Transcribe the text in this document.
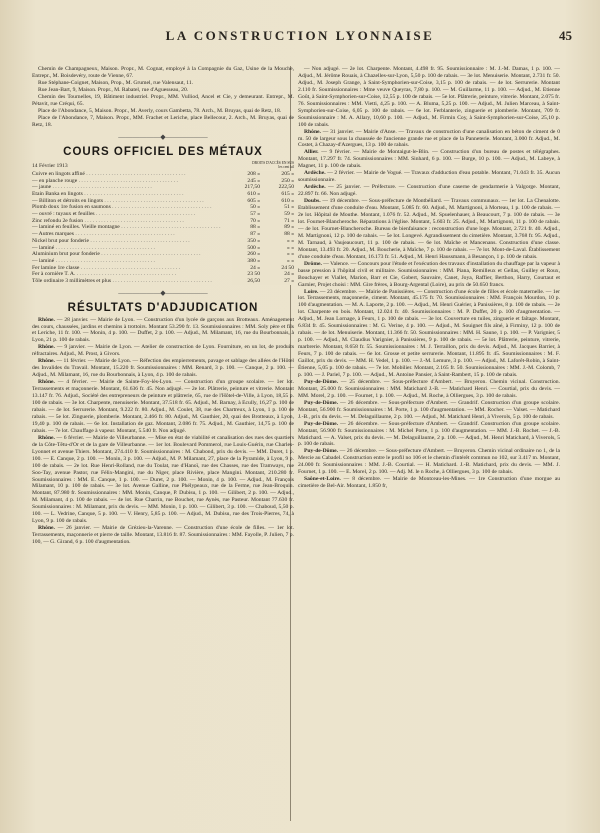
LA CONSTRUCTION LYONNAISE	45

Chemin de Champagneux, Maison. Propr., M. Cognat, employé à la Compagnie du Gaz, Usine de la Mouche, Entrepr., M. Boisdevéry, route de Vienne, 67.
Rue Stéphane-Coignet, Maison, Prop., M. Grumel, rue Valensaut, 11.
Rue Jean-Bart, 9, Maison. Propr., M. Rabatel, rue d'Aguesseau, 20.
Chemin des Tournelles, 19, Bâtiment industriel. Propr., MM. Vulliod, Ancel et Cie, y demeurant. Entrepr., M. Pétavit, rue Créqui, 65.
Place de l'Abondance, 5, Maison. Propr., M. Averly, cours Gambetta, 78. Arch., M. Bruyas, quai de Retz, 18.
Place de l'Abondance, 7, Maison. Propr., MM. Frachet et Leriche, place Bellecour, 2. Arch., M. Bruyas, quai de Retz, 18.

——————◆——————
COURS OFFICIEL DES MÉTAUX
14 Février 1913
DROITS D'ACCÈS EN SUS
les cent kil
Cuivre en lingots affiné . . .	208 »	205 »
— en planche rouge . . .	245 »	250 »
— jaune . . .	217,50	222,50
Etain Banka en lingots . . .	610 »	615 »
— Billiton et détroits en lingots . . .	605 »	610 »
Plomb doux 1re fusion en saumons . . .	50 »	51 »
— ouvré : tuyaux et feuilles . . .	57 »	59 »
Zinc refondu 2e fusion . . .	70 »	71 »
— laminé en feuilles. Vieille montagne . . .	88 »	89 »
— Autres marques . . .	87 »	88 »
Nickel brut pour fonderie . . .	350 »	» »
— laminé . . .	500 »	» »
Aluminium brut pour fonderie . . .	260 »	» »
— laminé . . .	380 »	» »
Fer lamine 1re classe . . .	24 »	24 50
Fer à cornière T. A. . . .	23 50	24 »
Tôle ordinaire 3 millimètres et plus . . .	26,50	27 »
——————◆——————
RÉSULTATS D'ADJUDICATION

Rhône. — 28 janvier. — Mairie de Lyon. — Construction d'un lycée de garçons aux Brotteaux. Aménagement des cours, chaussées, jardins et chemins à trottoirs. Montant 53.290 fr. 13. Soumissionnaires : MM. Soly père et fils et Leriche, 11 fr. 100. — Monin, 4 p. 100. — Duffet, 2 p. 100. — Adjud., M. Milamant, 16, rue du Bourbonnais, à Lyon, 21 p. 100 de rabais.

Rhône. — 9 janvier. — Mairie de Lyon. — Atelier de construction de Lyon. Fourniture, en un lot, de produits réfractaires. Adjud., M. Prost, à Givors.

Rhône. — 11 février. — Mairie de Lyon. — Réfection des empierrements, pavage et sablage des allées de l'Hôtel des Invalides du Travail. Montant, 15.220 fr. Soumissionnaires : MM. Renard, 3 p. 100. — Canque, 2 p. 100. — Adjud., M. Milamant, 16, rue du Bourbonnais, à Lyon, 4 p. 100 de rabais.

Rhône. — 4 février. — Mairie de Sainte-Foy-lès-Lyon. — Construction d'un groupe scolaire. — 1er lot. Terrassements et maçonnerie. Montant, 61.636 fr. 45. Non adjugé. — 2e lot. Plâtrerie, peinture et vitrerie. Montant 13.147 fr. 76. Adjud., Société des entrepreneurs de peinture et plâtrerie, 65, rue de l'Hôtel-de-Ville, à Lyon, 18,55 p. 100 de rabais. — 3e lot. Charpente, menuiserie. Montant, 37.518 fr. 65. Adjud., M. Barnay, à Ecully, 16,27 p. 100 de rabais. — 4e lot. Serrurerie. Montant, 9.222 fr. 80. Adjud., M. Coulet, 38, rue des Chartreux, à Lyon, 1 p. 100 de rabais. — 5e lot. Zinguerie, plomberie. Montant, 2.466 fr. 80. Adjud., M. Gauthier, 20, quai des Brotteaux, à Lyon, 19,40 p. 100 de rabais. — 6e lot. Installation de gaz. Montant, 2.086 fr. 75. Adjud., M. Gauthier, 14,75 p. 100 de rabais. — 7e lot. Chauffage à vapeur. Montant, 5.540 fr. Non adjugé.

Rhône. — 6 février. — Mairie de Villeurbanne. — Mise en état de viabilité et canalisation des rues des quartiers de la Côte-Têtu-d'Or et de la gare de Villeurbanne. — 1er lot. Boulevard Pommerol, rue Louis-Guérin, rue Charles-Lyonnet et avenue Thiers. Montant, 274.410 fr. Soumissionnaires : M. Chabond, prix du devis. — MM. Duret, 1 p. 100. — E. Canque, 2 p. 100. — Monin, 3 p. 100. — Adjud., M. P. Milamant, 27, place de la Pyramide, à Lyon, 9 p. 100 de rabais. — 2e lot. Rue Henri-Rolland, rue du Toulat, rue d'Hanoï, rue des Chasses, rue des Tramways, rue Soo-Tay, avenue Pastor, rue Félix-Mangini, rue du Niger, place Rivière, place Mangini. Montant, 210.280 fr. Soumissionnaires : MM. E. Canque, 1 p. 100. — Duret, 2 p. 100. — Monin, 4 p. 100. — Adjud., M. François Milamant, 10 p. 100 de rabais. — 3e lot. Avenue Galline, rue Phélypeaux, rue de la Ferme, rue Jean-Broquin. Montant, 87.980 fr. Soumissionnaires : MM. Monin, Canque, P. Dubisu, 1 p. 100. — Gilibert, 2 p. 100. — Adjud., M. Milamant, 4 p. 100 de rabais. — 4e lot. Rue Charrin, rue Bouchet, rue Aynès, rue Pasteur. Montant 77.630 fr. Soumissionnaires : M. Milamant, prix du devis. — MM. Monin, 1 p. 100. — Gilibert, 3 p. 100. — Chaboud, 5,50 p. 100. — L. Vedrine, Canque, 5 p. 100. — V. Henry, 5,85 p. 100. — Adjud., M. Dubisu, rue des Trois-Pierres, 74, à Lyon, 9 p. 100 de rabais.

Rhône. — 26 janvier. — Mairie de Grézieu-la-Varenne. — Construction d'une école de filles. — 1er lot. Terrassements, maçonnerie et pierre de taille. Montant, 13.816 fr. 87. Soumissionnaires : MM. Fayolle, P. Julien, 7 p. 100, — G. Girand, 6 p. 100 d'augmentation.

— Non adjugé. — 2e lot. Charpente. Montant, 4.498 fr. 95. Soumissionnaire : M. J.-M. Damas, 1 p. 100. — Adjud., M. Jérôme Rouais, à Chazelles-sur-Lyon, 5,50 p. 100 de rabais. — 3e lot. Menuiserie. Montant, 2.731 fr. 50. Adjud., M. Joseph Grange, à Saint-Symphorien-sur-Coise, 3,15 p. 100 de rabais. — 4e lot. Serrurerie. Montant 2.110 fr. Soumissionnaires : Mme veuve Queyras, 7,80 p. 100. — M. Guillarme, 11 p. 100. — Adjud., M. Etienne Goût, à Saint-Symphorien-sur-Coise, 12,55 p. 100 de rabais. — 5e lot. Plâtrerie, peinture, vitrerie. Montant, 2.075 fr. 76. Soumissionnaires : MM. Vietti, 4,25 p. 100. — A. Bluma, 5,25 p. 100. — Adjud., M. Julien Marceau, à Saint-Symphorien-sur-Coise, 6,05 p. 100 de rabais. — 6e lot. Ferblanterie, zinguerie et plomberie. Montant, 709 fr. Soumissionnaire : M. A. Allary, 10,60 p. 100. — Adjud., M. Firmin Coy, à Saint-Symphorien-sur-Coise, 25,10 p. 100 de rabais.

Rhône. — 31 janvier. — Mairie d'Anse. — Travaux de construction d'une canalisation en béton de ciment de 0 m. 50 de largeur sous la chaussée de l'ancienne grande rue et place de la Panneterie. Montant, 3.000 fr. Adjud., M. Costet, à Chazay-d'Azergues, 13 p. 100 de rabais.

Allier. — 9 février. — Mairie de Montaigut-le-Blin. — Construction d'un bureau de postes et télégraphes. Montant, 17.297 fr. 74. Soumissionnaires : MM. Sinhard, 6 p. 100. — Burge, 10 p. 100. — Adjud., M. Labeye, à Magnet, 11 p. 100 de rabais.

Ardèche. — 2 février. — Mairie de Vogué. — Travaux d'adduction d'eau potable. Montant, 71.043 fr. 35. Aucun soumissionnaire.

Ardèche. — 25 janvier. — Préfecture. — Construction d'une caserne de gendarmerie à Valgorge. Montant, 22.897 fr. 66. Non adjugé.

Doubs. — 19 décembre. — Sous-préfecture de Montbéliard. — Travaux communaux. — 1er lot. La Chenalotte. Etablissement d'une conduite d'eau. Montant, 5.085 fr. 60. Adjud., M. Martignoni, à Morteau, 1 p. 100 de rabais. — 2e lot. Hôpital de Mouthe. Montant, 1.076 fr. 52. Adjud., M. Spuelenhauer, à Beaucourt, 7 p. 100 de rabais. — 3e lot. Fournet-Blancheroche. Réparations à l'église. Montant, 5.603 fr. 25. Adjud., M. Martignoni, 11 p. 100 de rabais. — 4e lot. Fournet-Blancheroche. Bureau de bienfaisance : reconstruction d'une loge. Montant, 2.721 fr. 40. Adjud., M. Martignoni, 12 p. 100 de rabais. — 5e lot. Longevé. Agrandissement du cimetière. Montant, 3.768 fr. 95. Adjud., M. Tarnaud, à Vaujeaucourt, 11 p. 100 de rabais. — 6e lot. Maîche et Mancenans. Construction d'une classe. Montant, 13.493 fr. 20. Adjud., M. Boucherie, à Maîche, 7 p. 100 de rabais. — 7e lot. Mont-de-Laval. Établissement d'une conduite d'eau. Montant, 16.173 fr. 51. Adjud., M. Henri Haussmann, à Besançon, 1 p. 100 de rabais.

Drôme. — Valence. — Concours pour l'étude et l'exécution des travaux d'installation du chauffage par la vapeur à basse pression à l'hôpital civil et militaire. Soumissionnaires : MM. Piana, Remilleux et Gellas, Guilley et Roux, Bouchayer et Viallet, Marion, Barr et Cie, Gobert, Sauvaire, Canet, Joya, Raffier, Berthon, Harry, Courtaut et Garnier, Projet choisi : MM. Gire frères, à Bourg-Argental (Loire), au prix de 50.650 francs.

Loire. — 23 décembre. — Mairie de Panissières. — Construction d'une école de filles et école maternelle. — 1er lot. Terrassements, maçonnerie, ciment. Montant, 45.175 fr. 70. Soumissionnaires : MM. François Mourdon, 10 p. 100 d'augmentation. — M. A. Laporte, 2 p. 100. — Adjud., M. Henri Guérier, à Panissières, 8 p. 100 de rabais. — 2e lot. Charpente en bois. Montant, 12.024 fr. 40. Soumissionnaires : M. P. Duffet, 20 p. 100 d'augmentation. — Adjud., M. Jean Lornage, à Feurs, 1 p. 100 de rabais. — 3e lot. Couverture en tuiles, zinguerie et faîtage. Montant, 6.834 fr. 45. Soumissionnaires : M. G. Verine, 4 p. 100. — Adjud., M. Souignet fils aîné, à Firminy, 12 p. 100 de rabais. — 4e lot. Menuiserie. Montant, 11.366 fr. 50. Soumissionnaires : MM. H. Saune, 1 p. 100. — P. Varignier, 5 p. 100. — Adjud., M. Claudius Varignier, à Panissières, 9 p. 100 de rabais. — 5e lot. Plâtrerie, peinture, vitrerie, marbrerie. Montant, 8.658 fr. 55. Soumissionnaires : M. J. Terraillon, prix du devis. Adjud., M. Jacques Barrier, à Feurs, 7 p. 100 de rabais. — 6e lot. Grosse et petite serrurerie. Montant, 11.895 fr. 45. Soumissionnaires : M. F. Gaillot, prix du devis. — MM. H. Vedel, 1 p. 100. — J.-M. Lemure, 3 p. 100. — Adjud., M. Laforêt-Robin, à Saint-Étienne, 5,05 p. 100 de rabais. — 7e lot. Mobilier. Montant, 2.165 fr. 50. Soumissionnaires : MM. J.-M. Colomb, 7 p. 100. — J. Pariel, 7 p. 100. — Adjud., M. Antoine Pansier, à Saint-Rambert, 15 p. 100 de rabais.

Puy-de-Dôme. — 25 décembre. — Sous-préfecture d'Ambert. — Bruyeron. Chemin vicinal. Construction. Montant, 25.000 fr. Soumissionnaires : MM. Matichard J.-B. — Matichard Henri. — Courtial, prix du devis. — MM. Morel, 2 p. 100. — Fournet, 1 p. 100. — Adjud., M. Roche, à Olliergues, 3 p. 100 de rabais.

Puy-de-Dôme. — 26 décembre. — Sous-préfecture d'Ambert. — Grandrif. Construction d'un groupe scolaire. Montant, 56.900 fr. Soumissionnaires : M. Porte, 1 p. 100 d'augmentation. — MM. Rocher. — Valset. — Matichard J.-B., prix du devis. — M. Delaguillaume, 2 p. 100. — Adjud., M. Matichard Henri, à Viverols, 5 p. 100 de rabais.

Puy-de-Dôme. — 26 décembre. — Sous-préfecture d'Ambert. — Grandrif. Construction d'un groupe scolaire. Montant, 56.900 fr. Soumissionnaires : M. Michel Porte, 1 p. 100 d'augmentation. — MM. J.-B. Rochet. — J.-B. Matichard. — A. Valset, prix du devis. — M. Delaguillaume, 2 p. 100. — Adjud., M. Henri Matichard, à Viverols, 5 p. 100 de rabais.

Puy-de-Dôme. — 26 décembre. — Sous-préfecture d'Ambert. — Bruyeron. Chemin vicinal ordinaire no 1, de la Mercie au Cabadel. Construction entre le profil no 106 et le chemin d'intérêt commun no 102, sur 3.417 m. Montant, 24.000 fr. Soumissionnaires : MM. J.-B. Courtial. — H. Matichard. J.-B. Matichard, prix du devis. — MM. J. Fournet, 1 p. 100. — E. Morel, 2 p. 100. — Adj. M. le n Roche, à Olliergues, 3 p. 100 de rabais.

Saône-et-Loire. — 8 décembre. — Mairie de Montceau-les-Mines. — 1re Construction d'une morgue au cimetière de Bel-Air. Montant, 1.850 fr,
